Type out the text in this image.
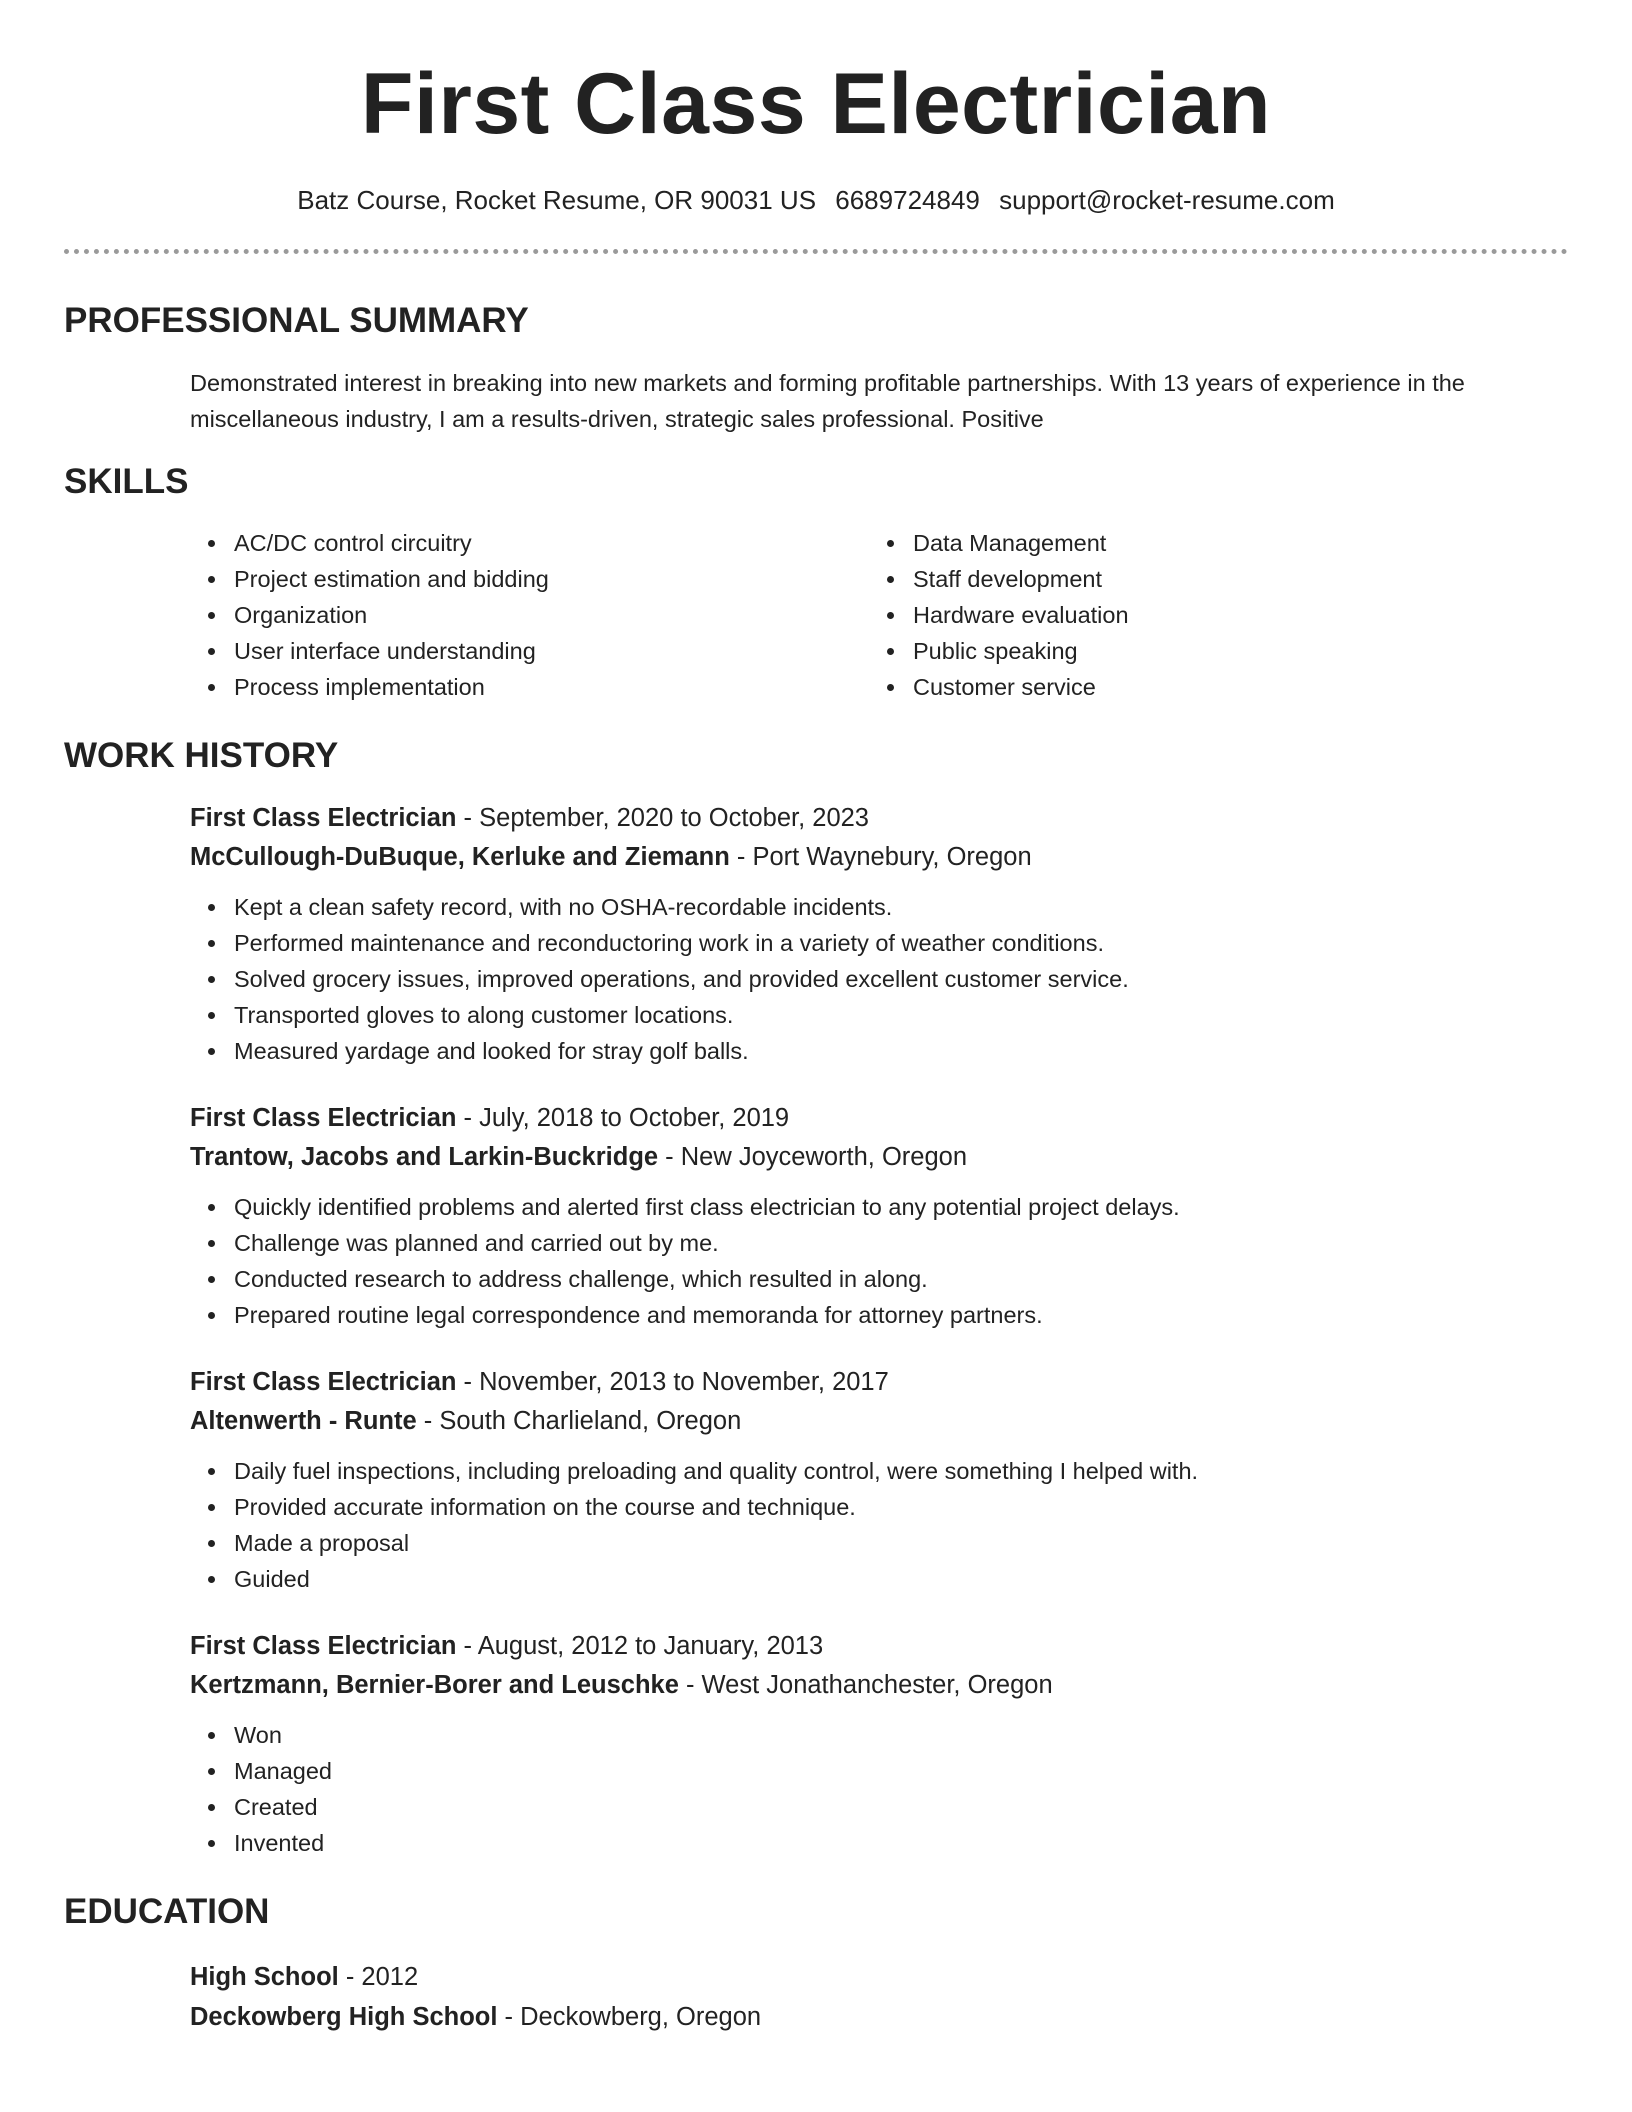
First Class Electrician
Batz Course, Rocket Resume, OR 90031 US 6689724849 support@rocket-resume.com
PROFESSIONAL SUMMARY

Demonstrated interest in breaking into new markets and forming profitable partnerships. With 13 years of experience in the miscellaneous industry, I am a results-driven, strategic sales professional. Positive

SKILLS
AC/DC control circuitry
Project estimation and bidding
Organization
User interface understanding
Process implementation
Data Management
Staff development
Hardware evaluation
Public speaking
Customer service
WORK HISTORY
First Class Electrician - September, 2020 to October, 2023
McCullough-DuBuque, Kerluke and Ziemann - Port Waynebury, Oregon
Kept a clean safety record, with no OSHA-recordable incidents.
Performed maintenance and reconductoring work in a variety of weather conditions.
Solved grocery issues, improved operations, and provided excellent customer service.
Transported gloves to along customer locations.
Measured yardage and looked for stray golf balls.
First Class Electrician - July, 2018 to October, 2019
Trantow, Jacobs and Larkin-Buckridge - New Joyceworth, Oregon
Quickly identified problems and alerted first class electrician to any potential project delays.
Challenge was planned and carried out by me.
Conducted research to address challenge, which resulted in along.
Prepared routine legal correspondence and memoranda for attorney partners.
First Class Electrician - November, 2013 to November, 2017
Altenwerth - Runte - South Charlieland, Oregon
Daily fuel inspections, including preloading and quality control, were something I helped with.
Provided accurate information on the course and technique.
Made a proposal
Guided
First Class Electrician - August, 2012 to January, 2013
Kertzmann, Bernier-Borer and Leuschke - West Jonathanchester, Oregon
Won
Managed
Created
Invented
EDUCATION
High School - 2012
Deckowberg High School - Deckowberg, Oregon
